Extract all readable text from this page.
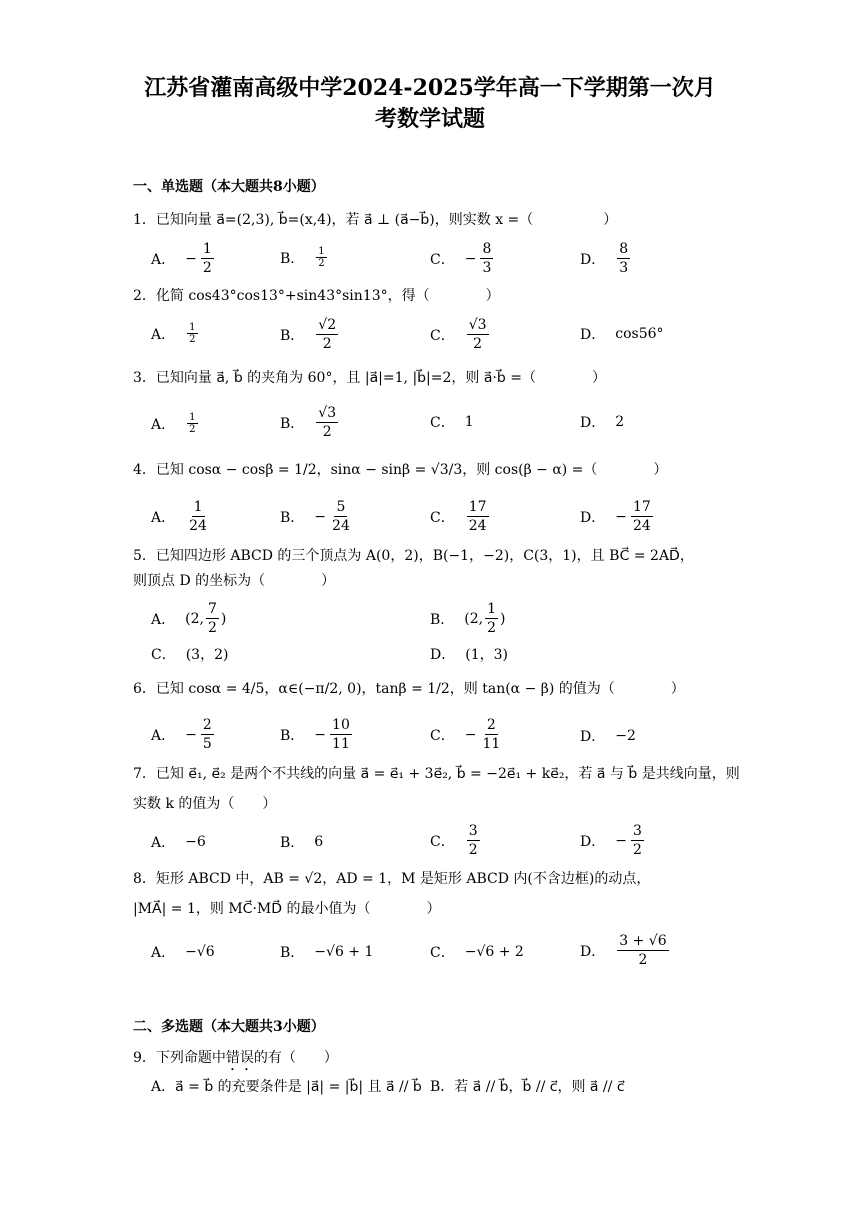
江苏省灌南高级中学2024-2025学年高一下学期第一次月
考数学试题
一、单选题（本大题共8小题）
1．已知向量 a⃗=(2,3), b⃗=(x,4)，若 a⃗ ⊥ (a⃗−b⃗)，则实数 x =（　　　　　）
A． − $\frac{1}{2}$	B． $\frac{1}{2}$	C． − $\frac{8}{3}$	D． $\frac{8}{3}$
2．化简 cos43°cos13°+sin43°sin13°，得（　　　　）
A． $\frac{1}{2}$	B． $\frac{√2}{2}$	C． $\frac{√3}{2}$	D． cos56°
3．已知向量 a⃗, b⃗ 的夹角为 60°，且 |a⃗|=1, |b⃗|=2，则 a⃗·b⃗ =（　　　　）
A． $\frac{1}{2}$	B． $\frac{√3}{2}$	C． 1	D． 2
4．已知 cosα − cosβ = 1/2，sinα − sinβ = √3/3，则 cos(β − α) =（　　　　）
A． $\frac{1}{24}$	B． − $\frac{5}{24}$	C． $\frac{17}{24}$	D． − $\frac{17}{24}$
5．已知四边形 ABCD 的三个顶点为 A(0，2)，B(−1，−2)，C(3，1)，且 BC⃗ = 2AD⃗，
则顶点 D 的坐标为（　　　　）
A． (2, $\frac{7}{2}$ )	B． (2, $\frac{1}{2}$ )
C． (3，2)	D． (1，3)
6．已知 cosα = 4/5，α∈(−π/2, 0)，tanβ = 1/2，则 tan(α − β) 的值为（　　　　）
A． − $\frac{2}{5}$	B． − $\frac{10}{11}$	C． − $\frac{2}{11}$	D． −2
7．已知 e⃗₁, e⃗₂ 是两个不共线的向量 a⃗ = e⃗₁ + 3e⃗₂, b⃗ = −2e⃗₁ + ke⃗₂，若 a⃗ 与 b⃗ 是共线向量，则
实数 k 的值为（　　）
A． −6	B． 6	C． $\frac{3}{2}$	D． − $\frac{3}{2}$
8．矩形 ABCD 中，AB = √2，AD = 1，M 是矩形 ABCD 内(不含边框)的动点，
|MA⃗| = 1，则 MC⃗·MD⃗ 的最小值为（　　　　）
A． −√6	B． −√6 + 1	C． −√6 + 2	D． $\frac{3 + √6}{2}$
二、多选题（本大题共3小题）
9．下列命题中错误的有（　　）
A．a⃗ = b⃗ 的充要条件是 |a⃗| = |b⃗| 且 a⃗ // b⃗ B．若 a⃗ // b⃗，b⃗ // c⃗，则 a⃗ // c⃗
